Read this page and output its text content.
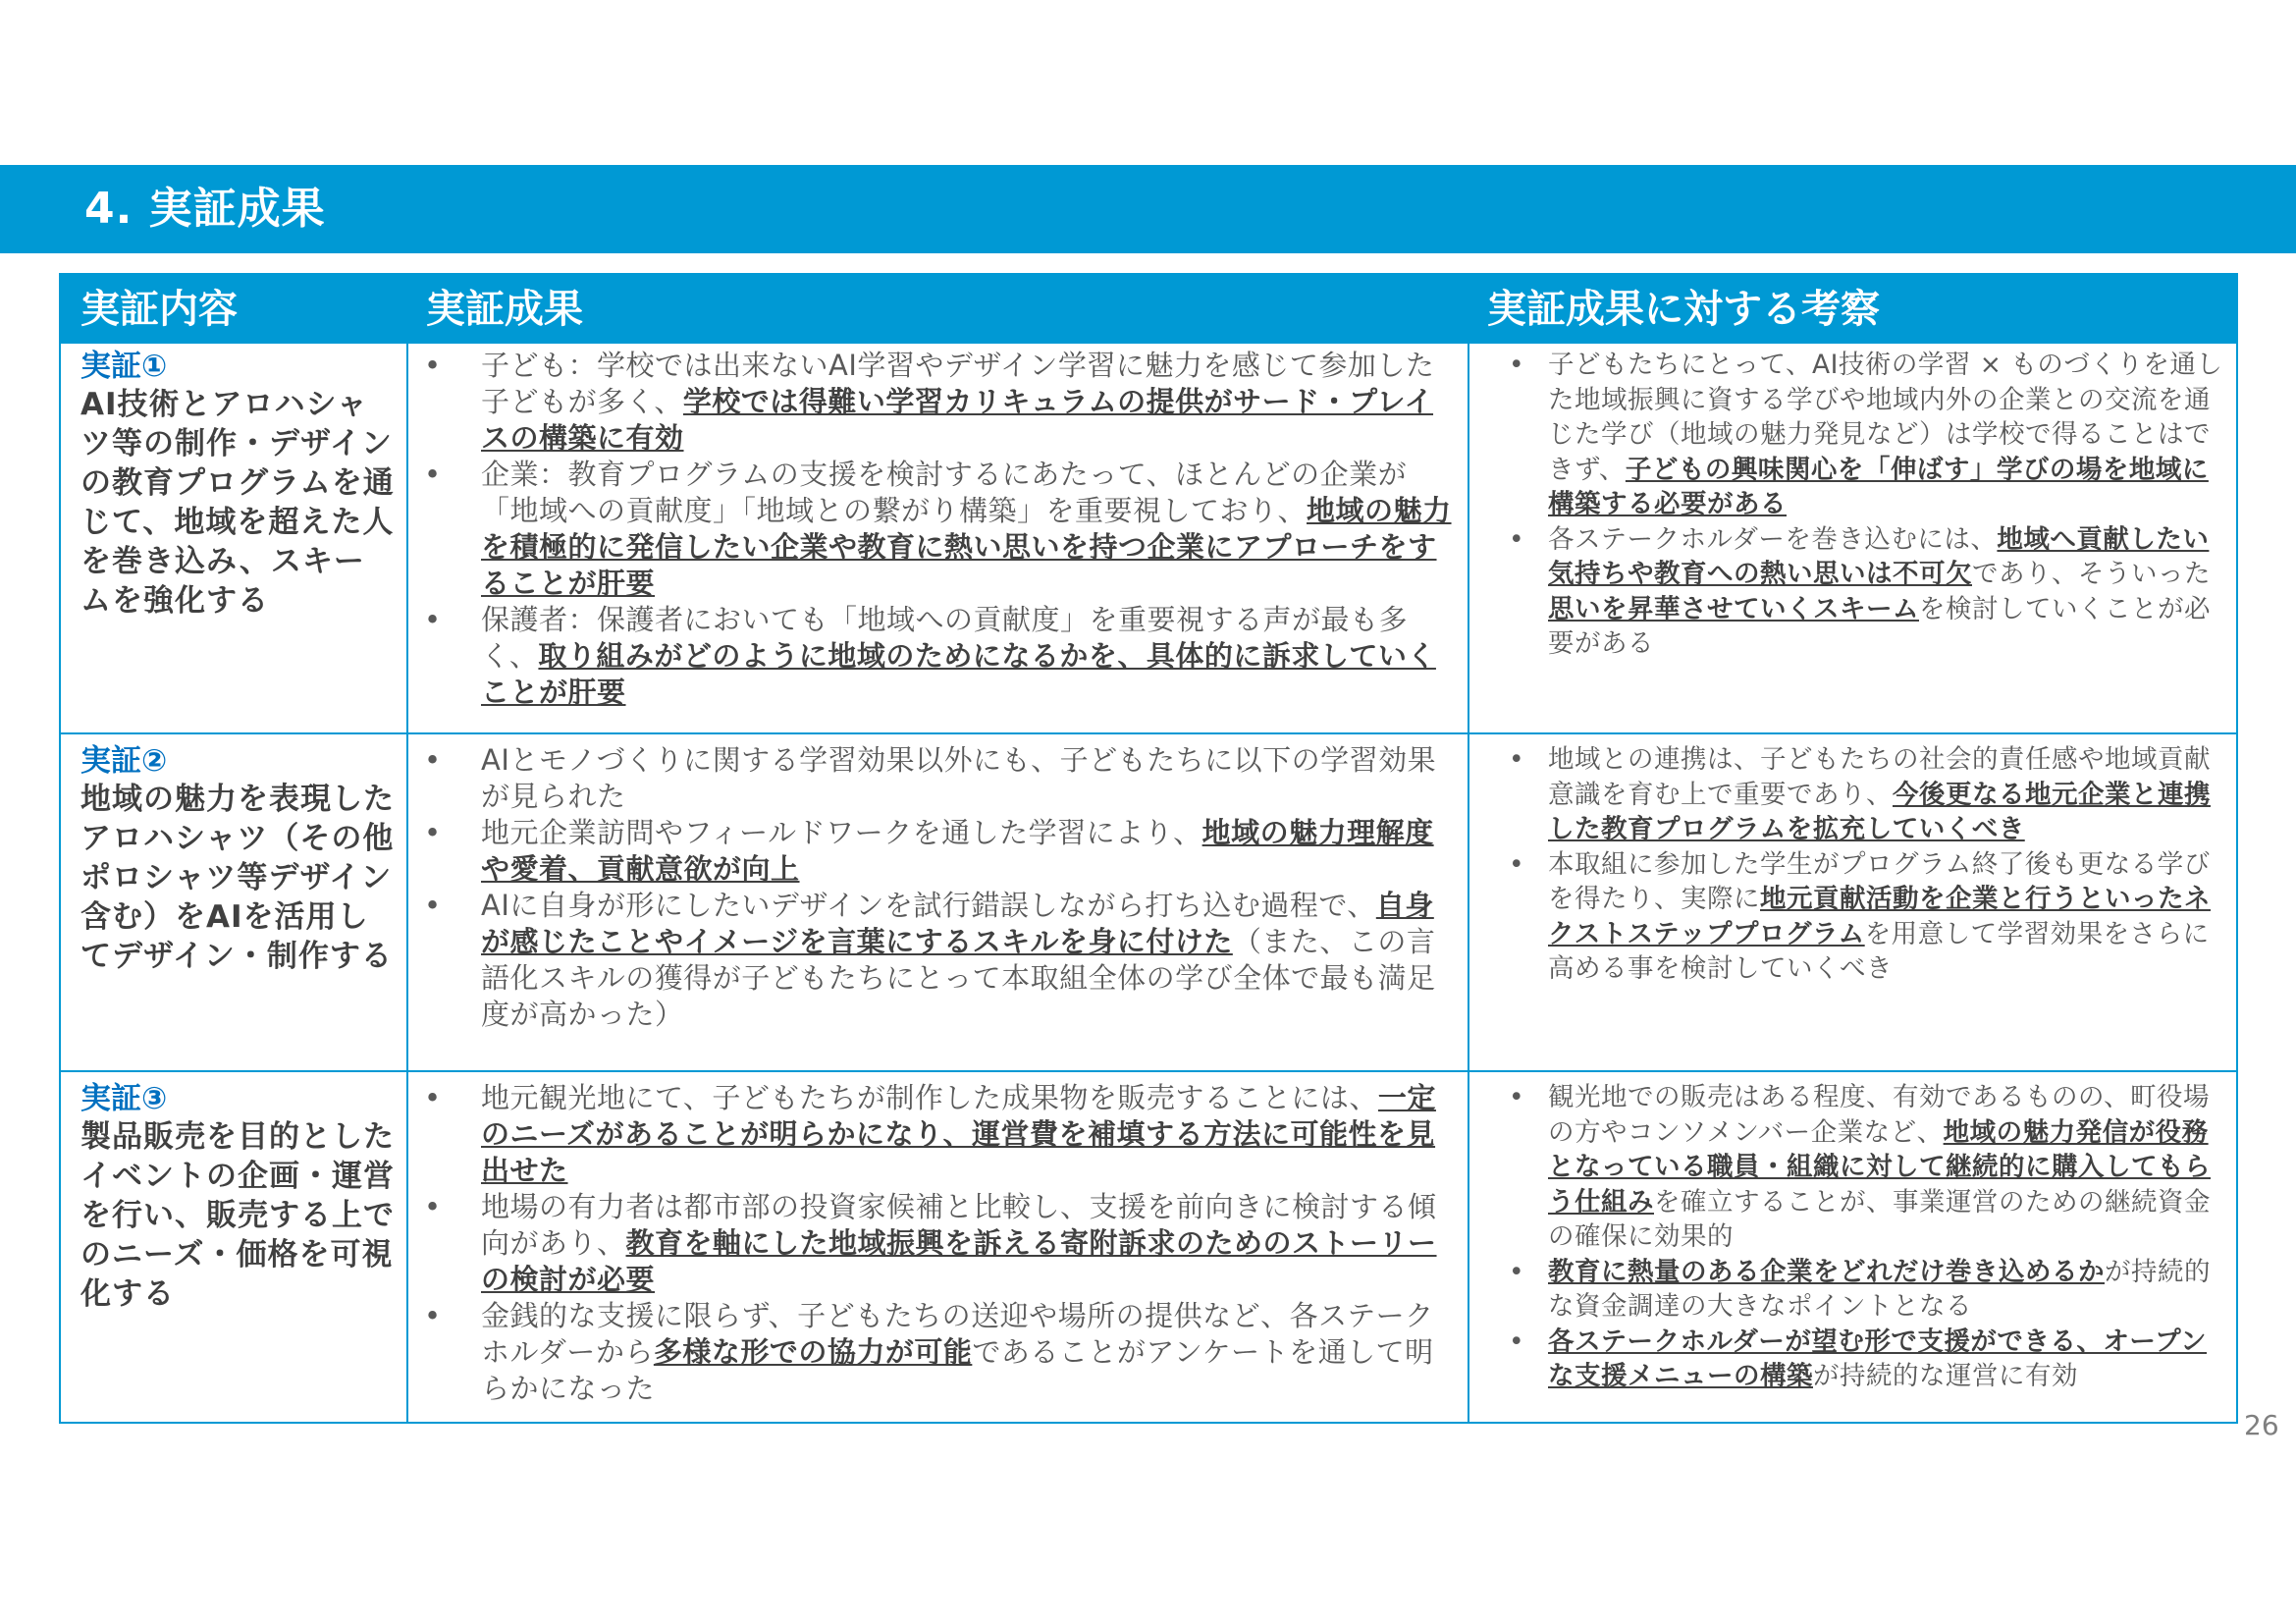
4. 実証成果
実証内容	実証成果	実証成果に対する考察

実証①

AI技術とアロハシャツ等の制作・デザインの教育プログラムを通じて、地域を超えた人を巻き込み、スキームを強化する

• 子ども：学校では出来ないAI学習やデザイン学習に魅力を感じて参加した子どもが多く、学校では得難い学習カリキュラムの提供がサード・プレイスの構築に有効
• 企業：教育プログラムの支援を検討するにあたって、ほとんどの企業が「地域への貢献度」「地域との繋がり構築」を重要視しており、地域の魅力を積極的に発信したい企業や教育に熱い思いを持つ企業にアプローチをすることが肝要
• 保護者：保護者においても「地域への貢献度」を重要視する声が最も多く、取り組みがどのように地域のためになるかを、具体的に訴求していくことが肝要
• 子どもたちにとって、AI技術の学習 × ものづくりを通した地域振興に資する学びや地域内外の企業との交流を通じた学び（地域の魅力発見など）は学校で得ることはできず、子どもの興味関心を「伸ばす」学びの場を地域に構築する必要がある
• 各ステークホルダーを巻き込むには、地域へ貢献したい気持ちや教育への熱い思いは不可欠であり、そういった思いを昇華させていくスキームを検討していくことが必要がある

実証②

地域の魅力を表現したアロハシャツ（その他ポロシャツ等デザイン含む）をAIを活用してデザイン・制作する

• AIとモノづくりに関する学習効果以外にも、子どもたちに以下の学習効果が見られた
• 地元企業訪問やフィールドワークを通した学習により、地域の魅力理解度や愛着、貢献意欲が向上
• AIに自身が形にしたいデザインを試行錯誤しながら打ち込む過程で、自身が感じたことやイメージを言葉にするスキルを身に付けた（また、この言語化スキルの獲得が子どもたちにとって本取組全体の学び全体で最も満足度が高かった）
• 地域との連携は、子どもたちの社会的責任感や地域貢献意識を育む上で重要であり、今後更なる地元企業と連携した教育プログラムを拡充していくべき
• 本取組に参加した学生がプログラム終了後も更なる学びを得たり、実際に地元貢献活動を企業と行うといったネクストステッププログラムを用意して学習効果をさらに高める事を検討していくべき

実証③

製品販売を目的としたイベントの企画・運営を行い、販売する上でのニーズ・価格を可視化する

• 地元観光地にて、子どもたちが制作した成果物を販売することには、一定のニーズがあることが明らかになり、運営費を補填する方法に可能性を見出せた
• 地場の有力者は都市部の投資家候補と比較し、支援を前向きに検討する傾向があり、教育を軸にした地域振興を訴える寄附訴求のためのストーリーの検討が必要
• 金銭的な支援に限らず、子どもたちの送迎や場所の提供など、各ステークホルダーから多様な形での協力が可能であることがアンケートを通して明らかになった
• 観光地での販売はある程度、有効であるものの、町役場の方やコンソメンバー企業など、地域の魅力発信が役務となっている職員・組織に対して継続的に購入してもらう仕組みを確立することが、事業運営のための継続資金の確保に効果的
• 教育に熱量のある企業をどれだけ巻き込めるかが持続的な資金調達の大きなポイントとなる
• 各ステークホルダーが望む形で支援ができる、オープンな支援メニューの構築が持続的な運営に有効
26
